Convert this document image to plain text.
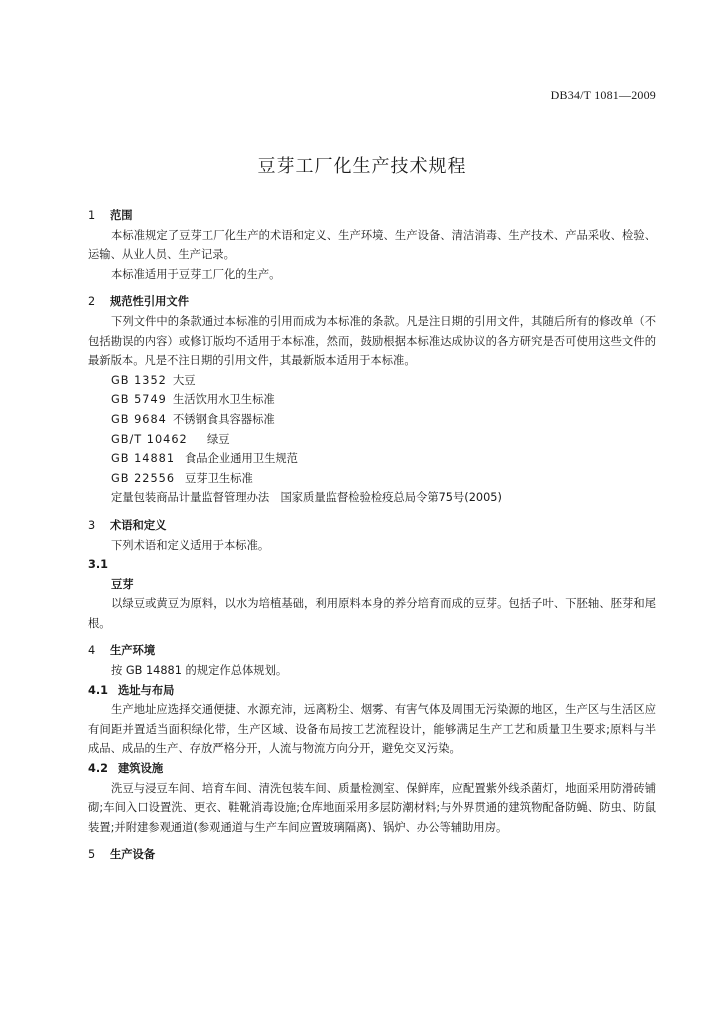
DB34/T 1081—2009
豆芽工厂化生产技术规程
1 范围

本标准规定了豆芽工厂化生产的术语和定义、生产环境、生产设备、清洁消毒、生产技术、产品采收、检验、运输、从业人员、生产记录。

本标准适用于豆芽工厂化的生产。

2 规范性引用文件

下列文件中的条款通过本标准的引用而成为本标准的条款。凡是注日期的引用文件，其随后所有的修改单（不包括勘误的内容）或修订版均不适用于本标准，然而，鼓励根据本标准达成协议的各方研究是否可使用这些文件的最新版本。凡是不注日期的引用文件，其最新版本适用于本标准。

GB 1352 大豆
GB 5749 生活饮用水卫生标准
GB 9684 不锈钢食具容器标准
GB/T 10462 绿豆
GB 14881 食品企业通用卫生规范
GB 22556 豆芽卫生标准
定量包装商品计量监督管理办法　国家质量监督检验检疫总局令第75号(2005)
3 术语和定义

下列术语和定义适用于本标准。

3.1
豆芽

以绿豆或黄豆为原料，以水为培植基础，利用原料本身的养分培育而成的豆芽。包括子叶、下胚轴、胚芽和尾根。

4 生产环境

按 GB 14881 的规定作总体规划。

4.1 选址与布局

生产地址应选择交通便捷、水源充沛，远离粉尘、烟雾、有害气体及周围无污染源的地区，生产区与生活区应有间距并置适当面积绿化带，生产区域、设备布局按工艺流程设计，能够满足生产工艺和质量卫生要求;原料与半成品、成品的生产、存放严格分开，人流与物流方向分开，避免交叉污染。

4.2 建筑设施

洗豆与浸豆车间、培育车间、清洗包装车间、质量检测室、保鲜库，应配置紫外线杀菌灯，地面采用防滑砖铺砌;车间入口设置洗、更衣、鞋靴消毒设施;仓库地面采用多层防潮材料;与外界贯通的建筑物配备防蝇、防虫、防鼠装置;并附建参观通道(参观通道与生产车间应置玻璃隔离)、锅炉、办公等辅助用房。

5 生产设备
